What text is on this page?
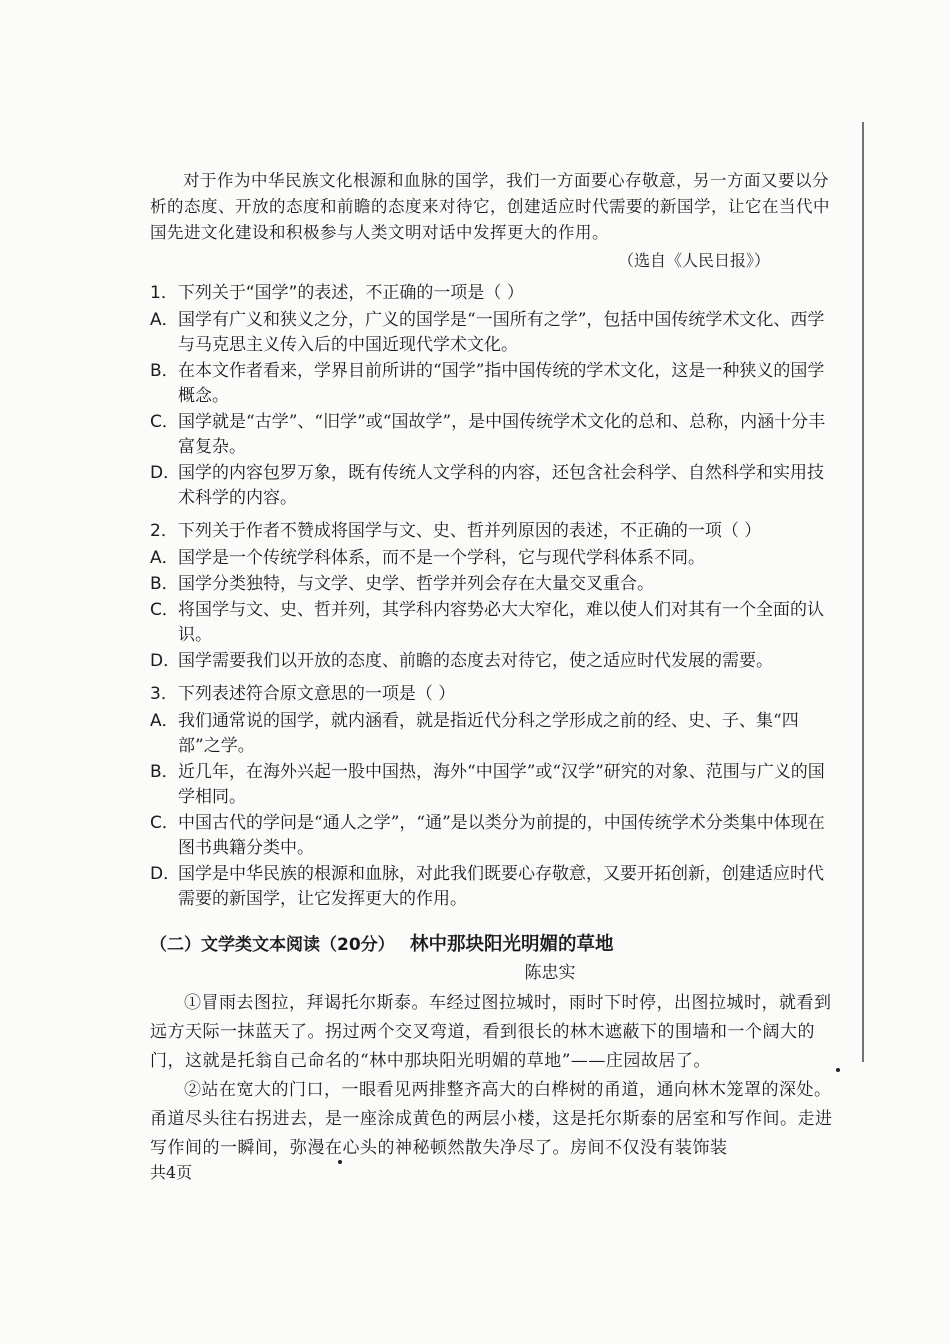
对于作为中华民族文化根源和血脉的国学，我们一方面要心存敬意，另一方面又要以分析的态度、开放的态度和前瞻的态度来对待它，创建适应时代需要的新国学，让它在当代中国先进文化建设和积极参与人类文明对话中发挥更大的作用。

（选自《人民日报》）
1．下列关于“国学”的表述，不正确的一项是（ ）
A． 国学有广义和狭义之分，广义的国学是“一国所有之学”，包括中国传统学术文化、西学与马克思主义传入后的中国近现代学术文化。
B． 在本文作者看来，学界目前所讲的“国学”指中国传统的学术文化，这是一种狭义的国学概念。
C． 国学就是“古学”、“旧学”或“国故学”，是中国传统学术文化的总和、总称，内涵十分丰富复杂。
D．
国学的内容包罗万象，既有传统人文学科的内容，还包含社会科学、自然科学和实用技术科学的内容。
2．下列关于作者不赞成将国学与文、史、哲并列原因的表述，不正确的一项（ ）
A． 国学是一个传统学科体系，而不是一个学科，它与现代学科体系不同。
B． 国学分类独特，与文学、史学、哲学并列会存在大量交叉重合。
C． 将国学与文、史、哲并列，其学科内容势必大大窄化，难以使人们对其有一个全面的认识。
D．
国学需要我们以开放的态度、前瞻的态度去对待它，使之适应时代发展的需要。
3．下列表述符合原文意思的一项是（ ）
A． 我们通常说的国学，就内涵看，就是指近代分科之学形成之前的经、史、子、集“四部”之学。
B． 近几年，在海外兴起一股中国热，海外“中国学”或“汉学”研究的对象、范围与广义的国学相同。
C． 中国古代的学问是“通人之学”，“通”是以类分为前提的，中国传统学术分类集中体现在图书典籍分类中。
D．
国学是中华民族的根源和血脉，对此我们既要心存敬意，又要开拓创新，创建适应时代需要的新国学，让它发挥更大的作用。
（二）文学类文本阅读（20分） 林中那块阳光明媚的草地
陈忠实

①冒雨去图拉，拜谒托尔斯泰。车经过图拉城时，雨时下时停，出图拉城时，就看到远方天际一抹蓝天了。拐过两个交叉弯道，看到很长的林木遮蔽下的围墙和一个阔大的门，这就是托翁自己命名的“林中那块阳光明媚的草地”——庄园故居了。

②站在宽大的门口，一眼看见两排整齐高大的白桦树的甬道，通向林木笼罩的深处。甬道尽头往右拐进去，是一座涂成黄色的两层小楼，这是托尔斯泰的居室和写作间。走进写作间的一瞬间，弥漫在心头的神秘顿然散失净尽了。房间不仅没有装饰装

共4页
